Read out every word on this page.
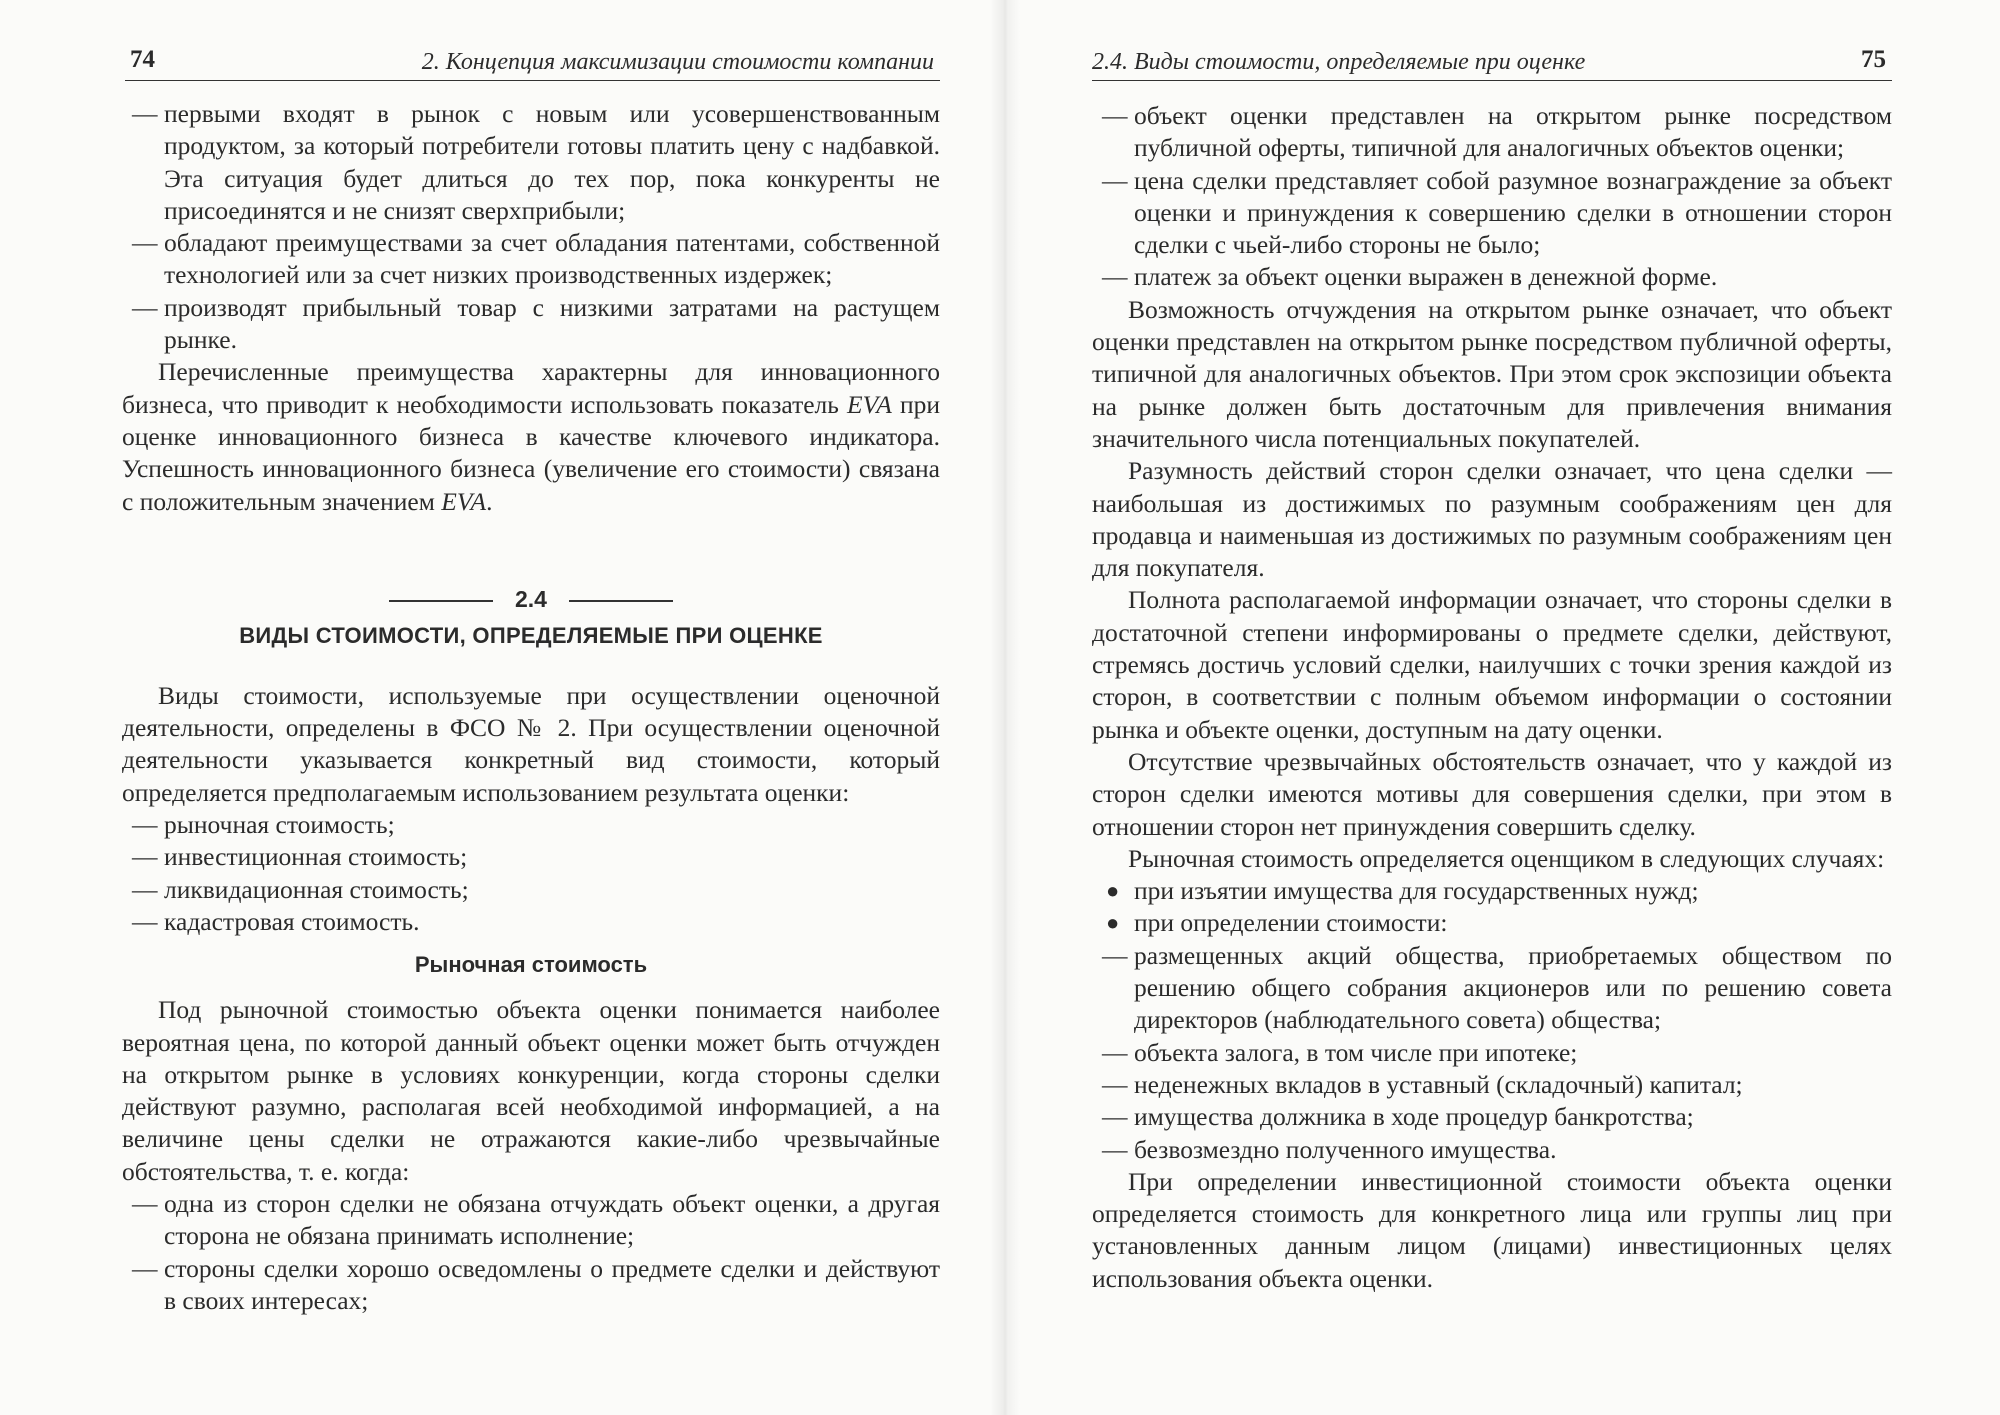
74	2. Концепция максимизации стоимости компании
— первыми входят в рынок с новым или усовершенствованным продуктом, за который потребители готовы платить цену с надбавкой. Эта ситуация будет длиться до тех пор, пока конкуренты не присоединятся и не снизят сверхприбыли;
— обладают преимуществами за счет обладания патентами, собственной технологией или за счет низких производственных издержек;
— производят прибыльный товар с низкими затратами на растущем рынке.

Перечисленные преимущества характерны для инновационного бизнеса, что приводит к необходимости использовать показатель EVA при оценке инновационного бизнеса в качестве ключевого индикатора. Успешность инновационного бизнеса (увеличение его стоимости) связана с положительным значением EVA.

2.4
ВИДЫ СТОИМОСТИ, ОПРЕДЕЛЯЕМЫЕ ПРИ ОЦЕНКЕ

Виды стоимости, используемые при осуществлении оценочной деятельности, определены в ФСО № 2. При осуществлении оценочной деятельности указывается конкретный вид стоимости, который определяется предполагаемым использованием результата оценки:

— рыночная стоимость;
— инвестиционная стоимость;
— ликвидационная стоимость;
— кадастровая стоимость.
Рыночная стоимость

Под рыночной стоимостью объекта оценки понимается наиболее вероятная цена, по которой данный объект оценки может быть отчужден на открытом рынке в условиях конкуренции, когда стороны сделки действуют разумно, располагая всей необходимой информацией, а на величине цены сделки не отражаются какие-либо чрезвычайные обстоятельства, т. е. когда:

— одна из сторон сделки не обязана отчуждать объект оценки, а другая сторона не обязана принимать исполнение;
— стороны сделки хорошо осведомлены о предмете сделки и действуют в своих интересах;
2.4. Виды стоимости, определяемые при оценке	75
— объект оценки представлен на открытом рынке посредством публичной оферты, типичной для аналогичных объектов оценки;
— цена сделки представляет собой разумное вознаграждение за объект оценки и принуждения к совершению сделки в отношении сторон сделки с чьей-либо стороны не было;
— платеж за объект оценки выражен в денежной форме.

Возможность отчуждения на открытом рынке означает, что объект оценки представлен на открытом рынке посредством публичной оферты, типичной для аналогичных объектов. При этом срок экспозиции объекта на рынке должен быть достаточным для привлечения внимания значительного числа потенциальных покупателей.

Разумность действий сторон сделки означает, что цена сделки — наибольшая из достижимых по разумным соображениям цен для продавца и наименьшая из достижимых по разумным соображениям цен для покупателя.

Полнота располагаемой информации означает, что стороны сделки в достаточной степени информированы о предмете сделки, действуют, стремясь достичь условий сделки, наилучших с точки зрения каждой из сторон, в соответствии с полным объемом информации о состоянии рынка и объекте оценки, доступным на дату оценки.

Отсутствие чрезвычайных обстоятельств означает, что у каждой из сторон сделки имеются мотивы для совершения сделки, при этом в отношении сторон нет принуждения совершить сделку.

Рыночная стоимость определяется оценщиком в следующих случаях:

● при изъятии имущества для государственных нужд;
● при определении стоимости:
— размещенных акций общества, приобретаемых обществом по решению общего собрания акционеров или по решению совета директоров (наблюдательного совета) общества;
— объекта залога, в том числе при ипотеке;
— неденежных вкладов в уставный (складочный) капитал;
— имущества должника в ходе процедур банкротства;
— безвозмездно полученного имущества.

При определении инвестиционной стоимости объекта оценки определяется стоимость для конкретного лица или группы лиц при установленных данным лицом (лицами) инвестиционных целях использования объекта оценки.
